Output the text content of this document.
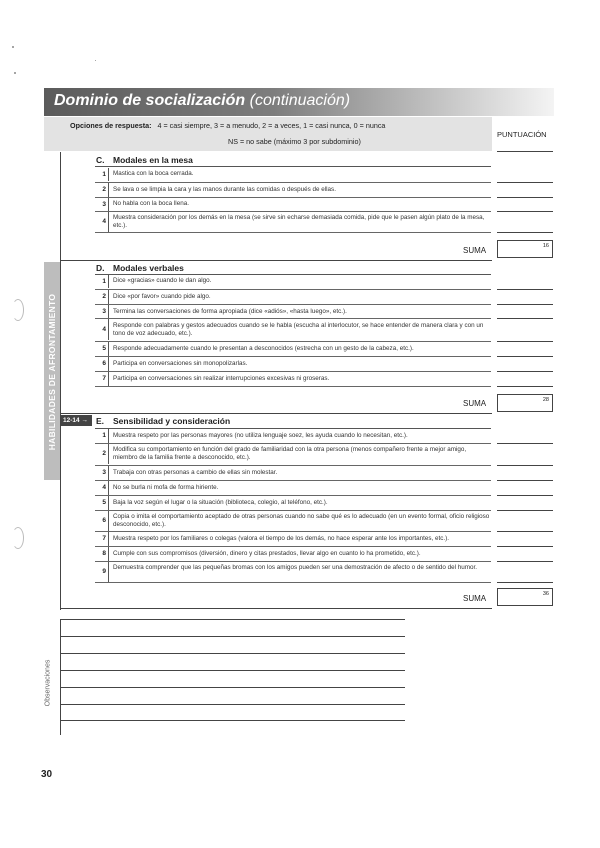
Dominio de socialización (continuación)
Opciones de respuesta: 4 = casi siempre, 3 = a menudo, 2 = a veces, 1 = casi nunca, 0 = nunca
NS = no sabe (máximo 3 por subdominio)
PUNTUACIÓN
HABILIDADES DE AFRONTAMIENTO
C. Modales en la mesa
1	Mastica con la boca cerrada.
2	Se lava o se limpia la cara y las manos durante las comidas o después de ellas.
3	No habla con la boca llena.
4
Muestra consideración por los demás en la mesa (se sirve sin echarse demasiada comida, pide que le pasen algún plato de la mesa, etc.).
SUMA	16
D. Modales verbales
1	Dice «gracias» cuando le dan algo.
2	Dice «por favor» cuando pide algo.
3	Termina las conversaciones de forma apropiada (dice «adiós», «hasta luego», etc.).
4
Responde con palabras y gestos adecuados cuando se le habla (escucha al interlocutor, se hace entender de manera clara y con un tono de voz adecuado, etc.).
5	Responde adecuadamente cuando le presentan a desconocidos (estrecha con un gesto de la cabeza, etc.).
6	Participa en conversaciones sin monopolizarlas.
7	Participa en conversaciones sin realizar interrupciones excesivas ni groseras.
SUMA	28
12-14 → E. Sensibilidad y consideración
1	Muestra respeto por las personas mayores (no utiliza lenguaje soez, les ayuda cuando lo necesitan, etc.).
2
Modifica su comportamiento en función del grado de familiaridad con la otra persona (menos compañero frente a mejor amigo, miembro de la familia frente a desconocido, etc.).
3	Trabaja con otras personas a cambio de ellas sin molestar.
4	No se burla ni mofa de forma hiriente.
5	Baja la voz según el lugar o la situación (biblioteca, colegio, al teléfono, etc.).
6
Copia o imita el comportamiento aceptado de otras personas cuando no sabe qué es lo adecuado (en un evento formal, oficio religioso desconocido, etc.).
7	Muestra respeto por los familiares o colegas (valora el tiempo de los demás, no hace esperar ante los importantes, etc.).
8	Cumple con sus compromisos (diversión, dinero y citas prestados, llevar algo en cuanto lo ha prometido, etc.).
9
Demuestra comprender que las pequeñas bromas con los amigos pueden ser una demostración de afecto o de sentido del humor.
SUMA	36
Observaciones
30
